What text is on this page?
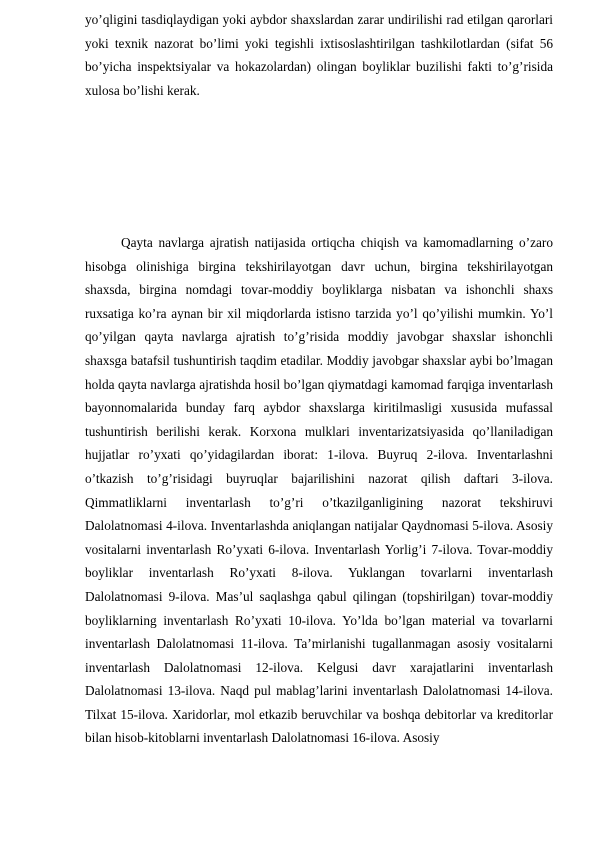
yo’qligini tasdiqlaydigan yoki aybdor shaxslardan zarar undirilishi rad etilgan qarorlari yoki texnik nazorat bo’limi yoki tegishli ixtisoslashtirilgan tashkilotlardan (sifat 56 bo’yicha inspektsiyalar va hokazolardan) olingan boyliklar buzilishi fakti to’g’risida xulosa bo’lishi kerak.

Qayta navlarga ajratish natijasida ortiqcha chiqish va kamomadlarning o’zaro hisobga olinishiga birgina tekshirilayotgan davr uchun, birgina tekshirilayotgan shaxsda, birgina nomdagi tovar-moddiy boyliklarga nisbatan va ishonchli shaxs ruxsatiga ko’ra aynan bir xil miqdorlarda istisno tarzida yo’l qo’yilishi mumkin. Yo’l qo’yilgan qayta navlarga ajratish to’g’risida moddiy javobgar shaxslar ishonchli shaxsga batafsil tushuntirish taqdim etadilar. Moddiy javobgar shaxslar aybi bo’lmagan holda qayta navlarga ajratishda hosil bo’lgan qiymatdagi kamomad farqiga inventarlash bayonnomalarida bunday farq aybdor shaxslarga kiritilmasligi xususida mufassal tushuntirish berilishi kerak. Korxona mulklari inventarizatsiyasida qo’llaniladigan hujjatlar ro’yxati qo’yidagilardan iborat: 1-ilova. Buyruq 2-ilova. Inventarlashni o’tkazish to’g’risidagi buyruqlar bajarilishini nazorat qilish daftari 3-ilova. Qimmatliklarni inventarlash to’g’ri o’tkazilganligining nazorat tekshiruvi Dalolatnomasi 4-ilova. Inventarlashda aniqlangan natijalar Qaydnomasi 5-ilova. Asosiy vositalarni inventarlash Ro’yxati 6-ilova. Inventarlash Yorlig’i 7-ilova. Tovar-moddiy boyliklar inventarlash Ro’yxati 8-ilova. Yuklangan tovarlarni inventarlash Dalolatnomasi 9-ilova. Mas’ul saqlashga qabul qilingan (topshirilgan) tovar-moddiy boyliklarning inventarlash Ro’yxati 10-ilova. Yo’lda bo’lgan material va tovarlarni inventarlash Dalolatnomasi 11-ilova. Ta’mirlanishi tugallanmagan asosiy vositalarni inventarlash Dalolatnomasi 12-ilova. Kelgusi davr xarajatlarini inventarlash Dalolatnomasi 13-ilova. Naqd pul mablag’larini inventarlash Dalolatnomasi 14-ilova. Tilxat 15-ilova. Xaridorlar, mol etkazib beruvchilar va boshqa debitorlar va kreditorlar bilan hisob-kitoblarni inventarlash Dalolatnomasi 16-ilova. Asosiy
